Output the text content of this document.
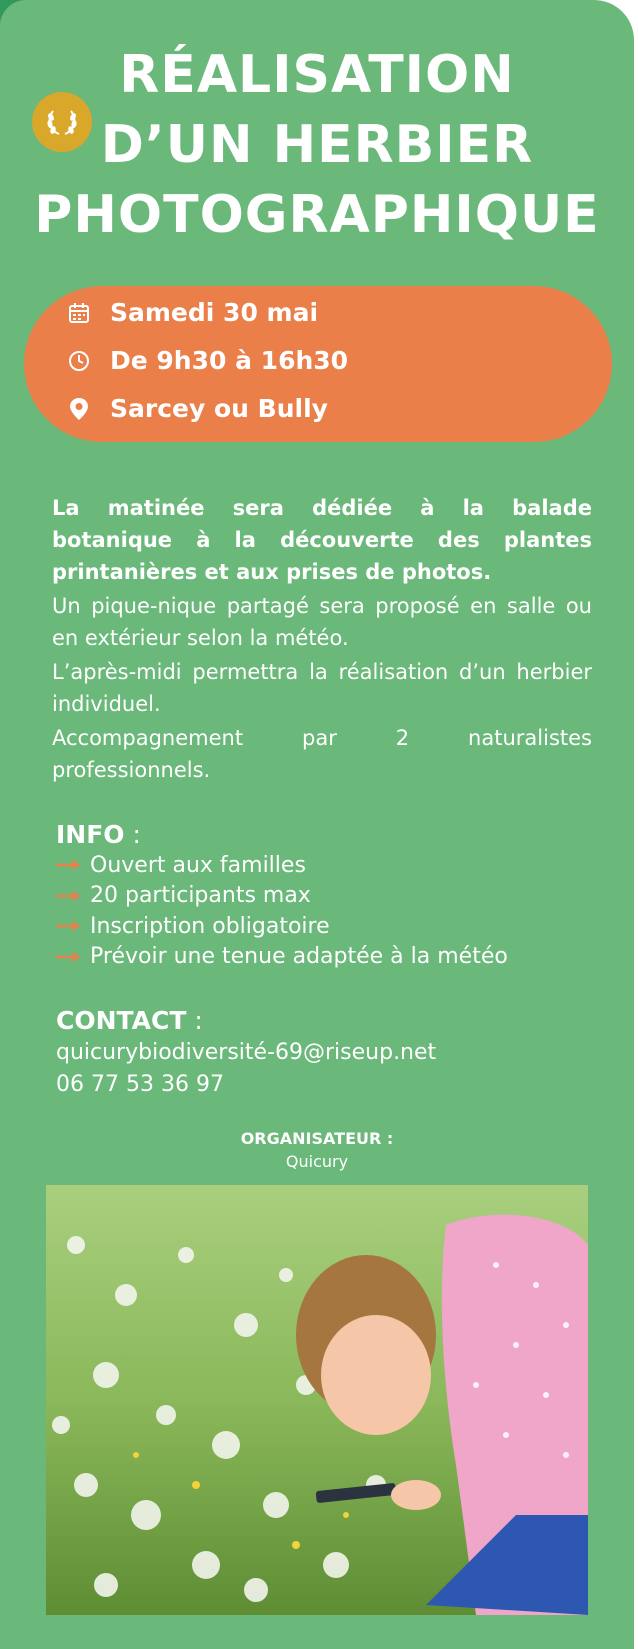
RÉALISATION
D’UN HERBIER
PHOTOGRAPHIQUE
Samedi 30 mai
De 9h30 à 16h30
Sarcey ou Bully

La matinée sera dédiée à la balade botanique à la découverte des plantes printanières et aux prises de photos.

Un pique-nique partagé sera proposé en salle ou en extérieur selon la météo.

L’après-midi permettra la réalisation d’un herbier individuel.

Accompagnement par 2 naturalistes professionnels.

INFO :
Ouvert aux familles
20 participants max
Inscription obligatoire
Prévoir une tenue adaptée à la météo
CONTACT :
quicurybiodiversité-69@riseup.net
06 77 53 36 97
ORGANISATEUR :
Quicury
